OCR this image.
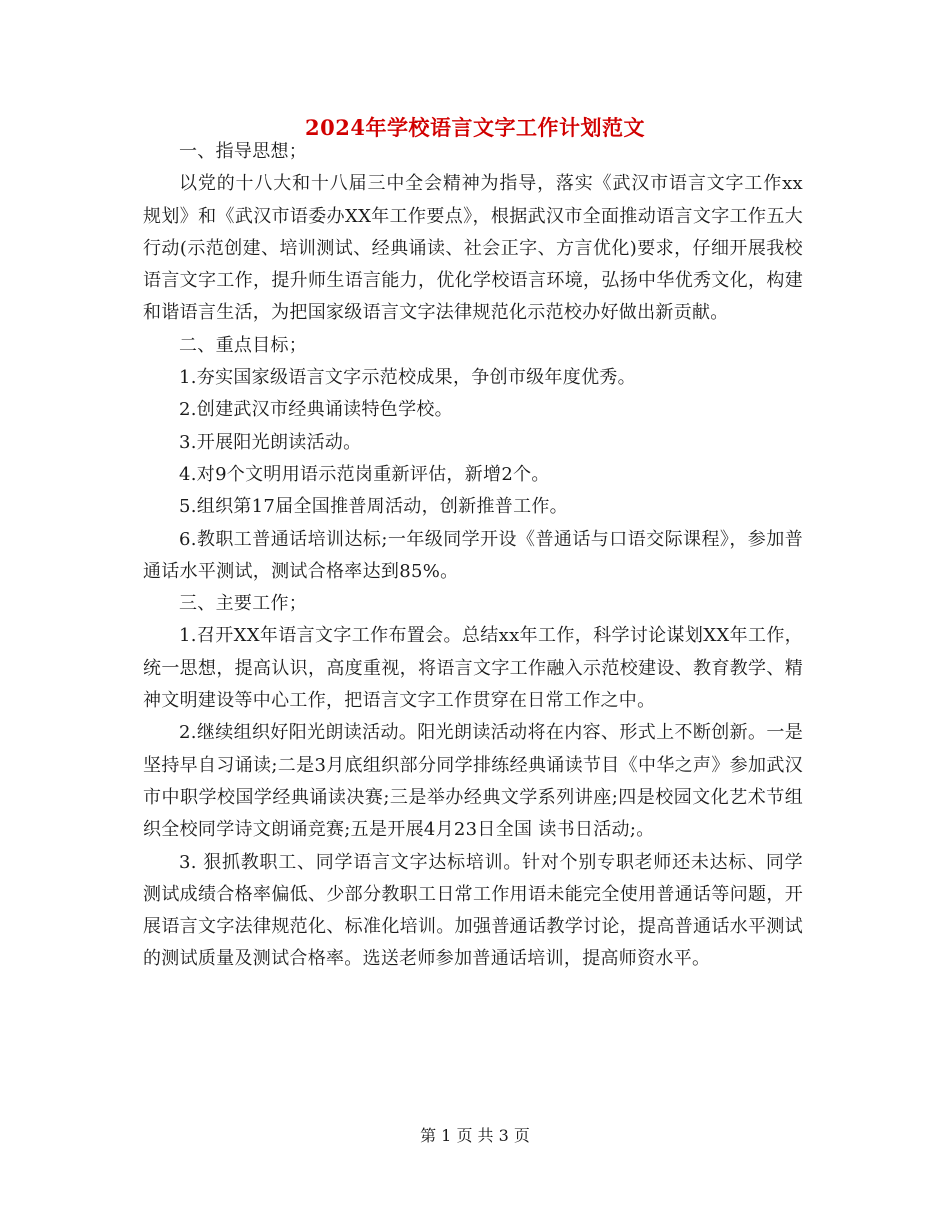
2024年学校语言文字工作计划范文

一、指导思想；

以党的十八大和十八届三中全会精神为指导，落实《武汉市语言文字工作xx规划》和《武汉市语委办XX年工作要点》，根据武汉市全面推动语言文字工作五大行动(示范创建、培训测试、经典诵读、社会正字、方言优化)要求，仔细开展我校语言文字工作，提升师生语言能力，优化学校语言环境，弘扬中华优秀文化，构建和谐语言生活，为把国家级语言文字法律规范化示范校办好做出新贡献。

二、重点目标；

1.夯实国家级语言文字示范校成果，争创市级年度优秀。

2.创建武汉市经典诵读特色学校。

3.开展阳光朗读活动。

4.对9个文明用语示范岗重新评估，新增2个。

5.组织第17届全国推普周活动，创新推普工作。

6.教职工普通话培训达标;一年级同学开设《普通话与口语交际课程》，参加普通话水平测试，测试合格率达到85%。

三、主要工作；

1.召开XX年语言文字工作布置会。总结xx年工作，科学讨论谋划XX年工作，统一思想，提高认识，高度重视，将语言文字工作融入示范校建设、教育教学、精神文明建设等中心工作，把语言文字工作贯穿在日常工作之中。

2.继续组织好阳光朗读活动。阳光朗读活动将在内容、形式上不断创新。一是坚持早自习诵读;二是3月底组织部分同学排练经典诵读节目《中华之声》参加武汉市中职学校国学经典诵读决赛;三是举办经典文学系列讲座;四是校园文化艺术节组织全校同学诗文朗诵竞赛;五是开展4月23日全国 读书日活动;。

3. 狠抓教职工、同学语言文字达标培训。针对个别专职老师还未达标、同学测试成绩合格率偏低、少部分教职工日常工作用语未能完全使用普通话等问题，开展语言文字法律规范化、标准化培训。加强普通话教学讨论，提高普通话水平测试的测试质量及测试合格率。选送老师参加普通话培训，提高师资水平。

第 1 页 共 3 页
